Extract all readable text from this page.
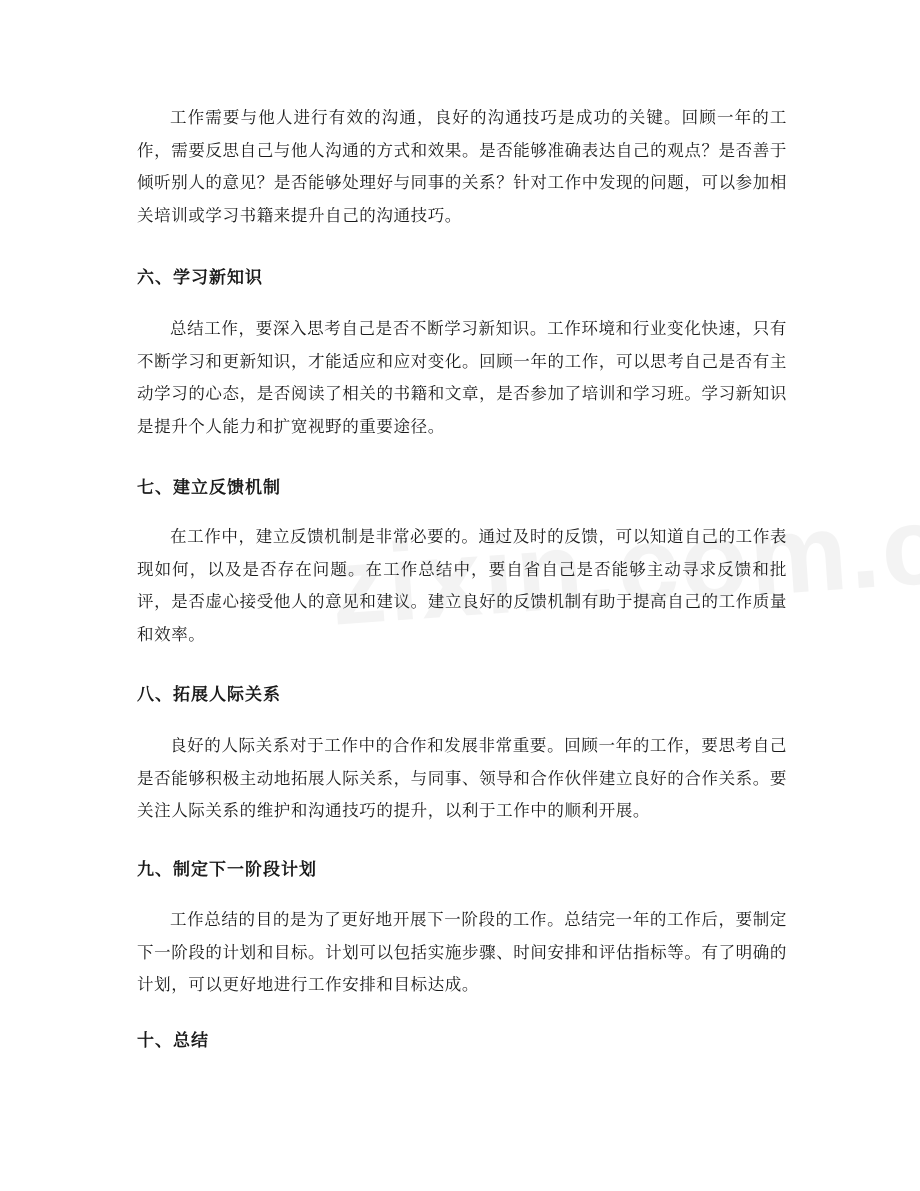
工作需要与他人进行有效的沟通，良好的沟通技巧是成功的关键。回顾一年的工作，需要反思自己与他人沟通的方式和效果。是否能够准确表达自己的观点？是否善于倾听别人的意见？是否能够处理好与同事的关系？针对工作中发现的问题，可以参加相关培训或学习书籍来提升自己的沟通技巧。

六、学习新知识

总结工作，要深入思考自己是否不断学习新知识。工作环境和行业变化快速，只有不断学习和更新知识，才能适应和应对变化。回顾一年的工作，可以思考自己是否有主动学习的心态，是否阅读了相关的书籍和文章，是否参加了培训和学习班。学习新知识是提升个人能力和扩宽视野的重要途径。

七、建立反馈机制

在工作中，建立反馈机制是非常必要的。通过及时的反馈，可以知道自己的工作表现如何，以及是否存在问题。在工作总结中，要自省自己是否能够主动寻求反馈和批评，是否虚心接受他人的意见和建议。建立良好的反馈机制有助于提高自己的工作质量和效率。

八、拓展人际关系

良好的人际关系对于工作中的合作和发展非常重要。回顾一年的工作，要思考自己是否能够积极主动地拓展人际关系，与同事、领导和合作伙伴建立良好的合作关系。要关注人际关系的维护和沟通技巧的提升，以利于工作中的顺利开展。

九、制定下一阶段计划

工作总结的目的是为了更好地开展下一阶段的工作。总结完一年的工作后，要制定下一阶段的计划和目标。计划可以包括实施步骤、时间安排和评估指标等。有了明确的计划，可以更好地进行工作安排和目标达成。

十、总结
